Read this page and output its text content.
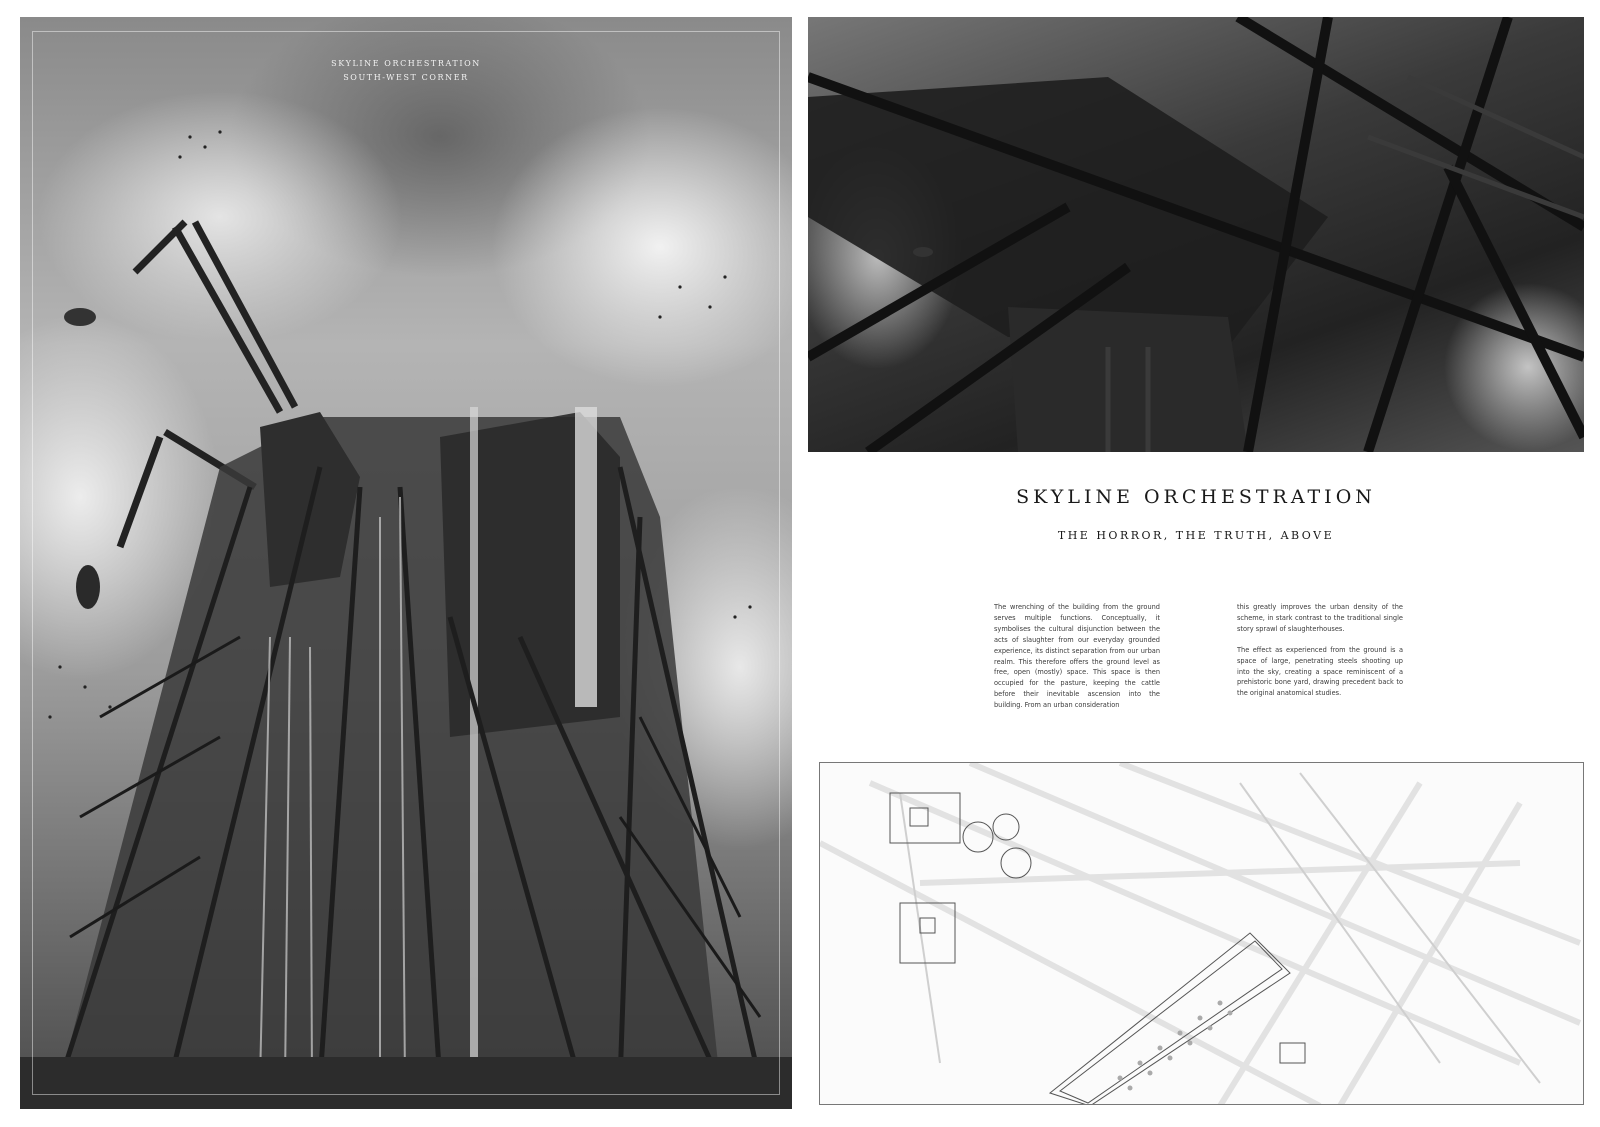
SKYLINE ORCHESTRATION
SOUTH-WEST CORNER
SKYLINE ORCHESTRATION
THE HORROR, THE TRUTH, ABOVE

The wrenching of the building from the ground serves multiple functions. Conceptually, it symbolises the cultural disjunction between the acts of slaughter from our everyday grounded experience, its distinct separation from our urban realm. This therefore offers the ground level as free, open (mostly) space. This space is then occupied for the pasture, keeping the cattle before their inevitable ascension into the building. From an urban consideration

this greatly improves the urban density of the scheme, in stark contrast to the traditional single story sprawl of slaughterhouses.

The effect as experienced from the ground is a space of large, penetrating steels shooting up into the sky, creating a space reminiscent of a prehistoric bone yard, drawing precedent back to the original anatomical studies.
